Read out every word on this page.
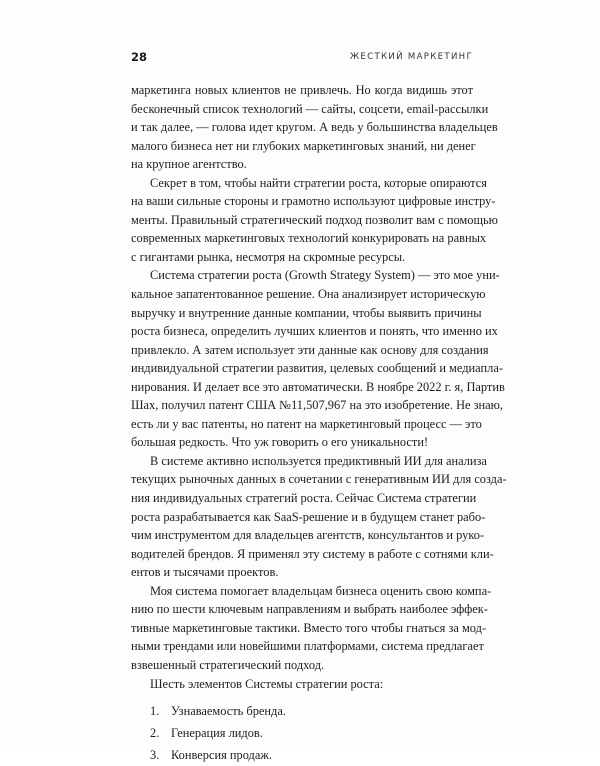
28	ЖЕСТКИЙ МАРКЕТИНГ
маркетинга новых клиентов не привлечь. Но когда видишь этот
бесконечный список технологий — сайты, соцсети, email-рассылки
и так далее, — голова идет кругом. А ведь у большинства владельцев
малого бизнеса нет ни глубоких маркетинговых знаний, ни денег
на крупное агентство.
Секрет в том, чтобы найти стратегии роста, которые опираются
на ваши сильные стороны и грамотно используют цифровые инстру-
менты. Правильный стратегический подход позволит вам с помощью
современных маркетинговых технологий конкурировать на равных
с гигантами рынка, несмотря на скромные ресурсы.
Система стратегии роста (Growth Strategy System) — это мое уни-
кальное запатентованное решение. Она анализирует историческую
выручку и внутренние данные компании, чтобы выявить причины
роста бизнеса, определить лучших клиентов и понять, что именно их
привлекло. А затем использует эти данные как основу для создания
индивидуальной стратегии развития, целевых сообщений и медиапла-
нирования. И делает все это автоматически. В ноябре 2022 г. я, Партив
Шах, получил патент США №11,507,967 на это изобретение. Не знаю,
есть ли у вас патенты, но патент на маркетинговый процесс — это
большая редкость. Что уж говорить о его уникальности!
В системе активно используется предиктивный ИИ для анализа
текущих рыночных данных в сочетании с генеративным ИИ для созда-
ния индивидуальных стратегий роста. Сейчас Система стратегии
роста разрабатывается как SaaS-решение и в будущем станет рабо-
чим инструментом для владельцев агентств, консультантов и руко-
водителей брендов. Я применял эту систему в работе с сотнями кли-
ентов и тысячами проектов.
Моя система помогает владельцам бизнеса оценить свою компа-
нию по шести ключевым направлениям и выбрать наиболее эффек-
тивные маркетинговые тактики. Вместо того чтобы гнаться за мод-
ными трендами или новейшими платформами, система предлагает
взвешенный стратегический подход.
Шесть элементов Системы стратегии роста:
1. Узнаваемость бренда.
2. Генерация лидов.
3. Конверсия продаж.
